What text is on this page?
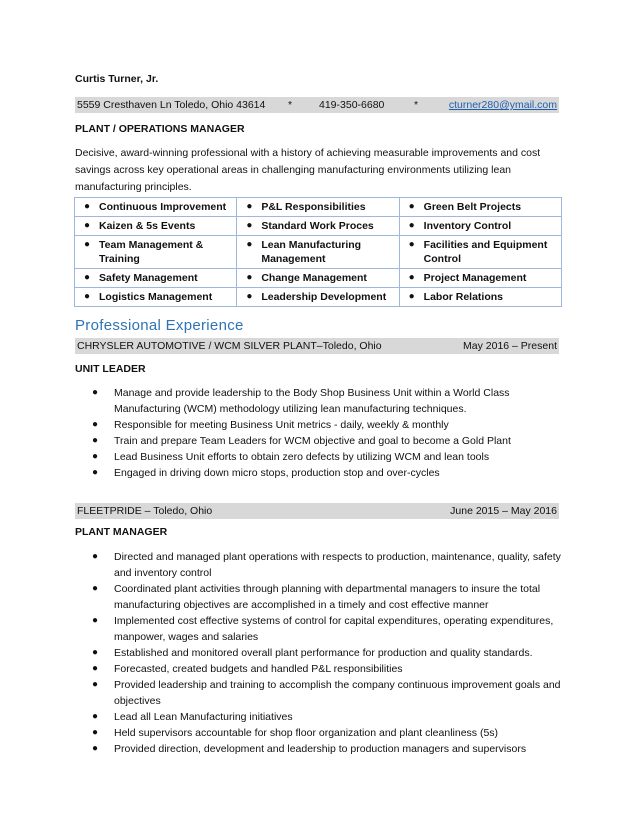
Curtis Turner, Jr.
5559 Cresthaven Ln Toledo, Ohio 43614 *	419-350-6680	*	cturner280@ymail.com
PLANT / OPERATIONS MANAGER
Decisive, award-winning professional with a history of achieving measurable improvements and cost savings across key operational areas in challenging manufacturing environments utilizing lean manufacturing principles.
● Continuous Improvement	● P&L Responsibilities	● Green Belt Projects

● Kaizen & 5s Events	● Standard Work Proces	● Inventory Control

● Team Management & Training	● Lean Manufacturing Management	● Facilities and Equipment Control

● Safety Management	● Change Management	● Project Management

● Logistics Management	● Leadership Development	● Labor Relations
Professional Experience
CHRYSLER AUTOMOTIVE / WCM SILVER PLANT–Toledo, Ohio	May 2016 – Present
UNIT LEADER
● Manage and provide leadership to the Body Shop Business Unit within a World Class Manufacturing (WCM) methodology utilizing lean manufacturing techniques.
● Responsible for meeting Business Unit metrics - daily, weekly & monthly
● Train and prepare Team Leaders for WCM objective and goal to become a Gold Plant
● Lead Business Unit efforts to obtain zero defects by utilizing WCM and lean tools
● Engaged in driving down micro stops, production stop and over-cycles
FLEETPRIDE – Toledo, Ohio	June 2015 – May 2016
PLANT MANAGER
● Directed and managed plant operations with respects to production, maintenance, quality, safety and inventory control
● Coordinated plant activities through planning with departmental managers to insure the total manufacturing objectives are accomplished in a timely and cost effective manner
● Implemented cost effective systems of control for capital expenditures, operating expenditures, manpower, wages and salaries
● Established and monitored overall plant performance for production and quality standards.
● Forecasted, created budgets and handled P&L responsibilities
● Provided leadership and training to accomplish the company continuous improvement goals and objectives
● Lead all Lean Manufacturing initiatives
● Held supervisors accountable for shop floor organization and plant cleanliness (5s)
● Provided direction, development and leadership to production managers and supervisors
